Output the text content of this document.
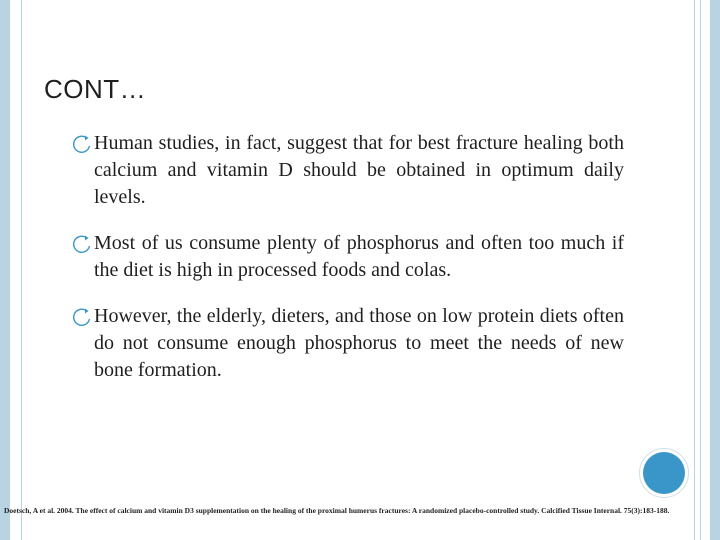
CONT…
Human studies, in fact, suggest that for best fracture healing both calcium and vitamin D should be obtained in optimum daily levels.
Most of us consume plenty of phosphorus and often too much if the diet is high in processed foods and colas.
However, the elderly, dieters, and those on low protein diets often do not consume enough phosphorus to meet the needs of new bone formation.
Doetsch, A et al. 2004. The effect of calcium and vitamin D3 supplementation on the healing of the proximal humerus fractures: A randomized placebo-controlled study. Calcified Tissue Internal. 75(3):183-188.
